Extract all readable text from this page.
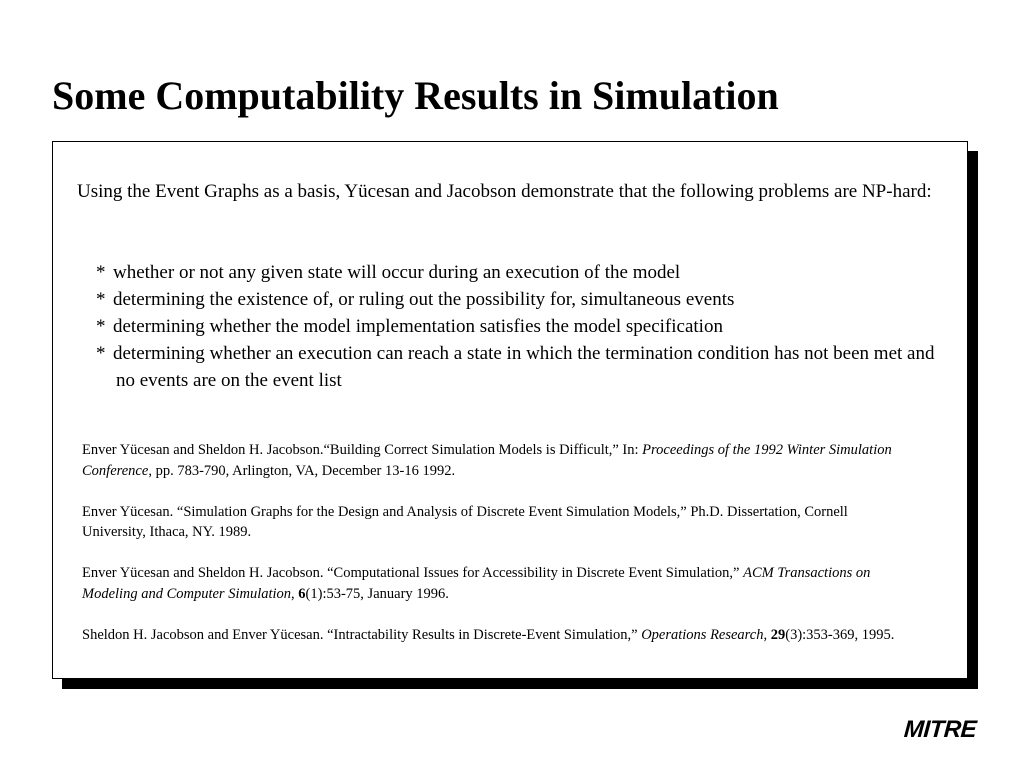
Some Computability Results in Simulation

Using the Event Graphs as a basis, Yücesan and Jacobson demonstrate that the following problems are NP-hard:

* whether or not any given state will occur during an execution of the model
* determining the existence of, or ruling out the possibility for, simultaneous events
* determining whether the model implementation satisfies the model specification
* determining whether an execution can reach a state in which the termination condition has not been met and no events are on the event list

Enver Yücesan and Sheldon H. Jacobson.“Building Correct Simulation Models is Difficult,” In: Proceedings of the 1992 Winter Simulation Conference, pp. 783-790, Arlington, VA, December 13-16 1992.

Enver Yücesan. “Simulation Graphs for the Design and Analysis of Discrete Event Simulation Models,” Ph.D. Dissertation, Cornell University, Ithaca, NY. 1989.

Enver Yücesan and Sheldon H. Jacobson. “Computational Issues for Accessibility in Discrete Event Simulation,” ACM Transactions on Modeling and Computer Simulation, 6(1):53-75, January 1996.

Sheldon H. Jacobson and Enver Yücesan. “Intractability Results in Discrete-Event Simulation,” Operations Research, 29(3):353-369, 1995.

MITRE
